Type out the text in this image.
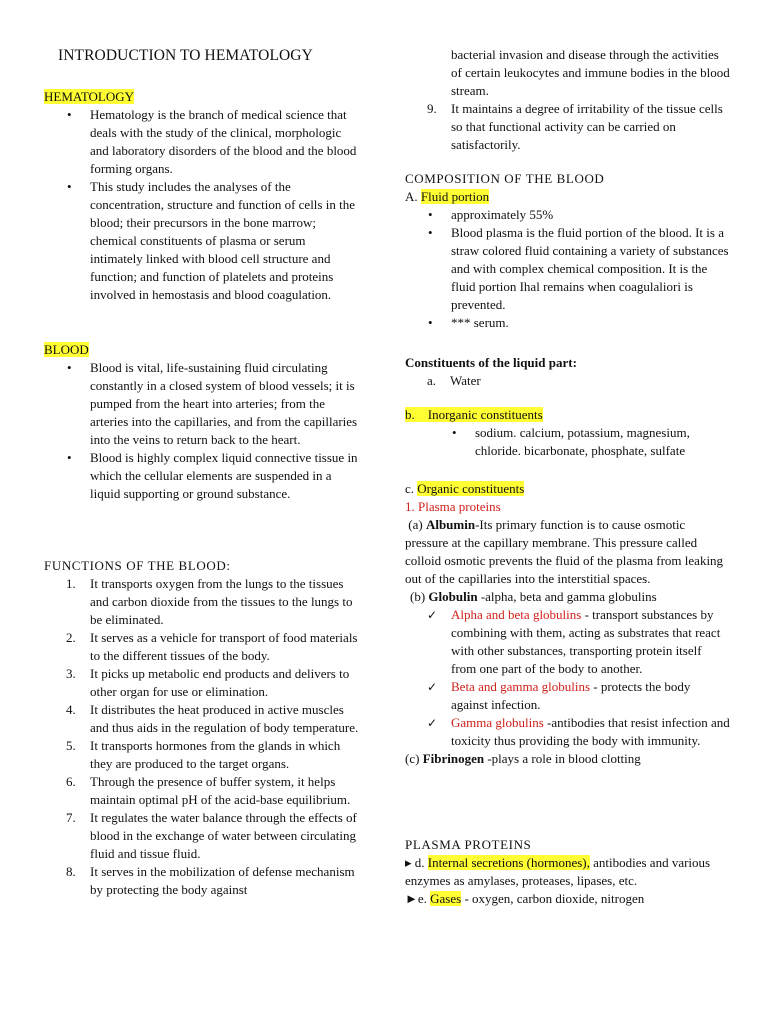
INTRODUCTION TO HEMATOLOGY
HEMATOLOGY
• Hematology is the branch of medical science that deals with the study of the clinical, morphologic and laboratory disorders of the blood and the blood forming organs.
• This study includes the analyses of the concentration, structure and function of cells in the blood; their precursors in the bone marrow; chemical constituents of plasma or serum intimately linked with blood cell structure and function; and function of platelets and proteins involved in hemostasis and blood coagulation.
BLOOD
• Blood is vital, life-sustaining fluid circulating constantly in a closed system of blood vessels; it is pumped from the heart into arteries; from the arteries into the capillaries, and from the capillaries into the veins to return back to the heart.
• Blood is highly complex liquid connective tissue in which the cellular elements are suspended in a liquid supporting or ground substance.
FUNCTIONS OF THE BLOOD:
1. It transports oxygen from the lungs to the tissues and carbon dioxide from the tissues to the lungs to be eliminated.
2. It serves as a vehicle for transport of food materials to the different tissues of the body.
3. It picks up metabolic end products and delivers to other organ for use or elimination.
4. It distributes the heat produced in active muscles and thus aids in the regulation of body temperature.
5. It transports hormones from the glands in which they are produced to the target organs.
6. Through the presence of buffer system, it helps maintain optimal pH of the acid-base equilibrium.
7. It regulates the water balance through the effects of blood in the exchange of water between circulating fluid and tissue fluid.
8. It serves in the mobilization of defense mechanism by protecting the body against
bacterial invasion and disease through the activities of certain leukocytes and immune bodies in the blood stream.
9. It maintains a degree of irritability of the tissue cells so that functional activity can be carried on satisfactorily.
COMPOSITION OF THE BLOOD
A. Fluid portion
• approximately 55%
• Blood plasma is the fluid portion of the blood. It is a straw colored fluid containing a variety of substances and with complex chemical composition. It is the fluid portion Ihal remains when coagulaliori is prevented.
• *** serum.
Constituents of the liquid part:
a. Water
b.    Inorganic constituents
• sodium. calcium, potassium, magnesium, chloride. bicarbonate, phosphate, sulfate
c. Organic constituents
1. Plasma proteins
(a) Albumin-Its primary function is to cause osmotic pressure at the capillary membrane. This pressure called colloid osmotic prevents the fluid of the plasma from leaking out of the capillaries into the interstitial spaces.
(b) Globulin -alpha, beta and gamma globulins
✓ Alpha and beta globulins - transport substances by combining with them, acting as substrates that react with other substances, transporting protein itself from one part of the body to another.
✓ Beta and gamma globulins - protects the body against infection.
✓ Gamma globulins -antibodies that resist infection and toxicity thus providing the body with immunity.
(c) Fibrinogen -plays a role in blood clotting
PLASMA PROTEINS
▸ d. Internal secretions (hormones), antibodies and various enzymes as amylases, proteases, lipases, etc.
►e. Gases - oxygen, carbon dioxide, nitrogen
